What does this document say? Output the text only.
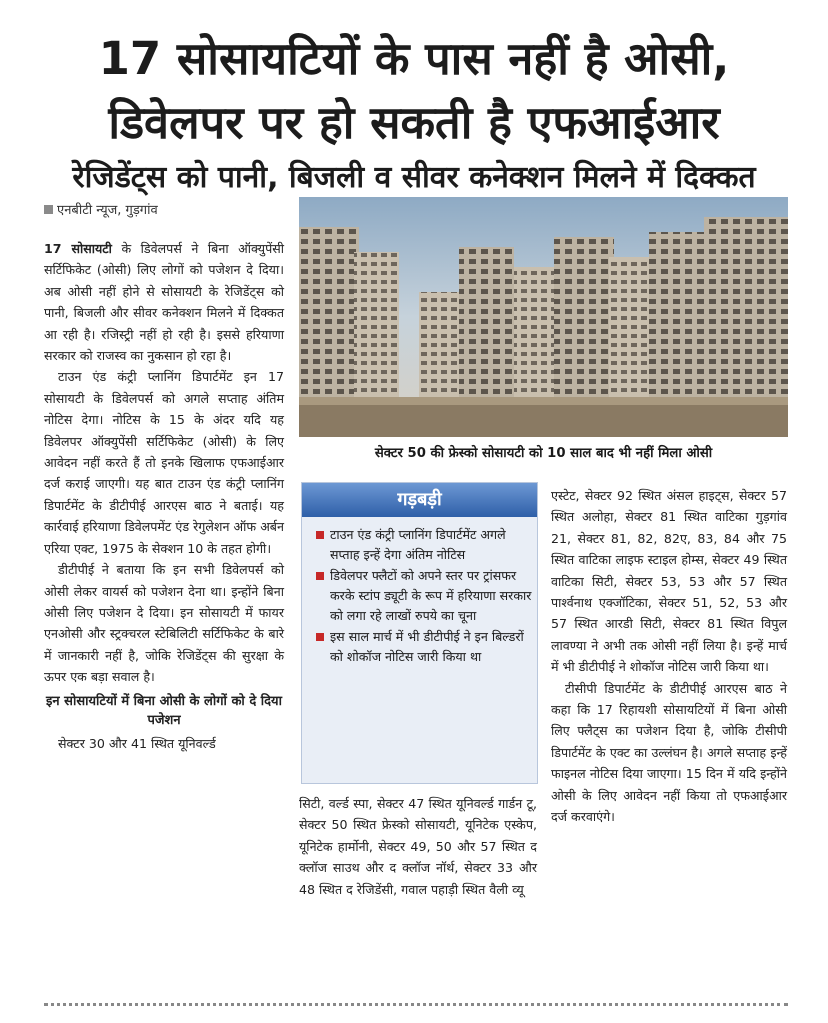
17 सोसायटियों के पास नहीं है ओसी,
डिवेलपर पर हो सकती है एफआईआर
रेजिडेंट्स को पानी, बिजली व सीवर कनेक्शन मिलने में दिक्कत
एनबीटी न्यूज, गुड़गांव

17 सोसायटी के डिवेलपर्स ने बिना ऑक्युपेंसी सर्टिफिकेट (ओसी) लिए लोगों को पजेशन दे दिया। अब ओसी नहीं होने से सोसायटी के रेजिडेंट्स को पानी, बिजली और सीवर कनेक्शन मिलने में दिक्कत आ रही है। रजिस्ट्री नहीं हो रही है। इससे हरियाणा सरकार को राजस्व का नुकसान हो रहा है।

टाउन एंड कंट्री प्लानिंग डिपार्टमेंट इन 17 सोसायटी के डिवेलपर्स को अगले सप्ताह अंतिम नोटिस देगा। नोटिस के 15 के अंदर यदि यह डिवेलपर ऑक्युपेंसी सर्टिफिकेट (ओसी) के लिए आवेदन नहीं करते हैं तो इनके खिलाफ एफआईआर दर्ज कराई जाएगी। यह बात टाउन एंड कंट्री प्लानिंग डिपार्टमेंट के डीटीपीई आरएस बाठ ने बताई। यह कार्रवाई हरियाणा डिवेलपमेंट एंड रेगुलेशन ऑफ अर्बन एरिया एक्ट, 1975 के सेक्शन 10 के तहत होगी।

डीटीपीई ने बताया कि इन सभी डिवेलपर्स को ओसी लेकर वायर्स को पजेशन देना था। इन्होंने बिना ओसी लिए पजेशन दे दिया। इन सोसायटी में फायर एनओसी और स्ट्रक्चरल स्टेबिलिटी सर्टिफिकेट के बारे में जानकारी नहीं है, जोकि रेजिडेंट्स की सुरक्षा के ऊपर एक बड़ा सवाल है।

इन सोसायटियों में बिना ओसी के लोगों को दे दिया पजेशन

सेक्टर 30 और 41 स्थित यूनिवर्ल्ड

सेक्टर 50 की फ्रेस्को सोसायटी को 10 साल बाद भी नहीं मिला ओसी
गड़बड़ी
टाउन एंड कंट्री प्लानिंग डिपार्टमेंट अगले सप्ताह इन्हें देगा अंतिम नोटिस
डिवेलपर फ्लैटों को अपने स्तर पर ट्रांसफर करके स्टांप ड्यूटी के रूप में हरियाणा सरकार को लगा रहे लाखों रुपये का चूना
इस साल मार्च में भी डीटीपीई ने इन बिल्डरों को शोकॉज नोटिस जारी किया था

सिटी, वर्ल्ड स्पा, सेक्टर 47 स्थित यूनिवर्ल्ड गार्डन टू, सेक्टर 50 स्थित फ्रेस्को सोसायटी, यूनिटेक एस्केप, यूनिटेक हार्मोनी, सेक्टर 49, 50 और 57 स्थित द क्लॉज साउथ और द क्लॉज नॉर्थ, सेक्टर 33 और 48 स्थित द रेजिडेंसी, गवाल पहाड़ी स्थित वैली व्यू

एस्टेट, सेक्टर 92 स्थित अंसल हाइट्स, सेक्टर 57 स्थित अलोहा, सेक्टर 81 स्थित वाटिका गुड़गांव 21, सेक्टर 81, 82, 82ए, 83, 84 और 75 स्थित वाटिका लाइफ स्टाइल होम्स, सेक्टर 49 स्थित वाटिका सिटी, सेक्टर 53, 53 और 57 स्थित पार्श्वनाथ एक्जॉटिका, सेक्टर 51, 52, 53 और 57 स्थित आरडी सिटी, सेक्टर 81 स्थित विपुल लावण्या ने अभी तक ओसी नहीं लिया है। इन्हें मार्च में भी डीटीपीई ने शोकॉज नोटिस जारी किया था।

टीसीपी डिपार्टमेंट के डीटीपीई आरएस बाठ ने कहा कि 17 रिहायशी सोसायटियों में बिना ओसी लिए फ्लैट्स का पजेशन दिया है, जोकि टीसीपी डिपार्टमेंट के एक्ट का उल्लंघन है। अगले सप्ताह इन्हें फाइनल नोटिस दिया जाएगा। 15 दिन में यदि इन्होंने ओसी के लिए आवेदन नहीं किया तो एफआईआर दर्ज करवाएंगे।
